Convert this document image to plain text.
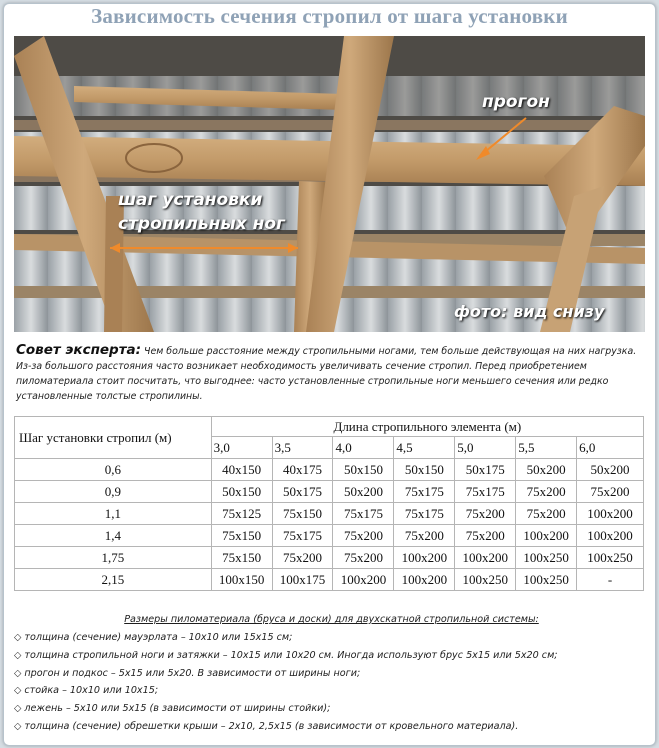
Зависимость сечения стропил от шага установки
прогон
шаг установки
стропильных ног
фото: вид снизу
Совет эксперта: Чем больше расстояние между стропильными ногами, тем больше действующая на них нагрузка. Из-за большого расстояния часто возникает необходимость увеличивать сечение стропил. Перед приобретением пиломатериала стоит посчитать, что выгоднее: часто установленные стропильные ноги меньшего сечения или редко установленные толстые стропилины.
Шаг установки стропил (м)	Длина стропильного элемента (м)						
	3,0	3,5	4,0	4,5	5,0	5,5	6,0
0,6	40x150	40x175	50x150	50x150	50x175	50x200	50x200
0,9	50x150	50x175	50x200	75x175	75x175	75x200	75x200
1,1	75x125	75x150	75x175	75x175	75x200	75x200	100x200
1,4	75x150	75x175	75x200	75x200	75x200	100x200	100x200
1,75	75x150	75x200	75x200	100x200	100x200	100x250	100x250
2,15	100x150	100x175	100x200	100x200	100x250	100x250	-
Размеры пиломатериала (бруса и доски) для двухскатной стропильной системы:
◇ толщина (сечение) мауэрлата – 10x10 или 15x15 см;
◇ толщина стропильной ноги и затяжки – 10x15 или 10x20 см. Иногда используют брус 5x15 или 5x20 см;
◇ прогон и подкос – 5x15 или 5x20. В зависимости от ширины ноги;
◇ стойка – 10x10 или 10x15;
◇ лежень – 5x10 или 5x15 (в зависимости от ширины стойки);
◇ толщина (сечение) обрешетки крыши – 2x10, 2,5x15 (в зависимости от кровельного материала).
